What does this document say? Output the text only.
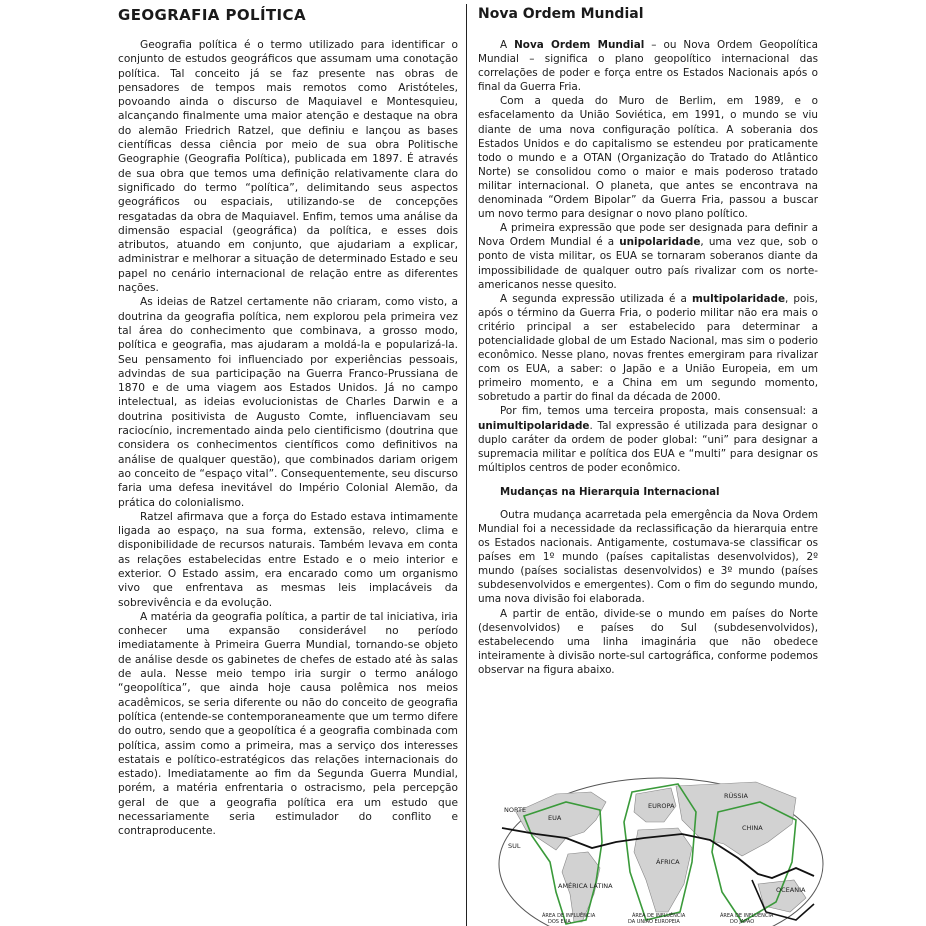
GEOGRAFIA POLÍTICA

Geografia política é o termo utilizado para identificar o conjunto de estudos geográficos que assumam uma conotação política. Tal conceito já se faz presente nas obras de pensadores de tempos mais remotos como Aristóteles, povoando ainda o discurso de Maquiavel e Montesquieu, alcançando finalmente uma maior atenção e destaque na obra do alemão Friedrich Ratzel, que definiu e lançou as bases científicas dessa ciência por meio de sua obra Politische Geographie (Geografia Política), publicada em 1897. É através de sua obra que temos uma definição relativamente clara do significado do termo “política”, delimitando seus aspectos geográficos ou espaciais, utilizando-se de concepções resgatadas da obra de Maquiavel. Enfim, temos uma análise da dimensão espacial (geográfica) da política, e esses dois atributos, atuando em conjunto, que ajudariam a explicar, administrar e melhorar a situação de determinado Estado e seu papel no cenário internacional de relação entre as diferentes nações.

As ideias de Ratzel certamente não criaram, como visto, a doutrina da geografia política, nem explorou pela primeira vez tal área do conhecimento que combinava, a grosso modo, política e geografia, mas ajudaram a moldá-la e popularizá-la. Seu pensamento foi influenciado por experiências pessoais, advindas de sua participação na Guerra Franco-Prussiana de 1870 e de uma viagem aos Estados Unidos. Já no campo intelectual, as ideias evolucionistas de Charles Darwin e a doutrina positivista de Augusto Comte, influenciavam seu raciocínio, incrementado ainda pelo cientificismo (doutrina que considera os conhecimentos científicos como definitivos na análise de qualquer questão), que combinados dariam origem ao conceito de “espaço vital”. Consequentemente, seu discurso faria uma defesa inevitável do Império Colonial Alemão, da prática do colonialismo.

Ratzel afirmava que a força do Estado estava intimamente ligada ao espaço, na sua forma, extensão, relevo, clima e disponibilidade de recursos naturais. Também levava em conta as relações estabelecidas entre Estado e o meio interior e exterior. O Estado assim, era encarado como um organismo vivo que enfrentava as mesmas leis implacáveis da sobrevivência e da evolução.

A matéria da geografia política, a partir de tal iniciativa, iria conhecer uma expansão considerável no período imediatamente à Primeira Guerra Mundial, tornando-se objeto de análise desde os gabinetes de chefes de estado até às salas de aula. Nesse meio tempo iria surgir o termo análogo “geopolítica”, que ainda hoje causa polêmica nos meios acadêmicos, se seria diferente ou não do conceito de geografia política (entende-se contemporaneamente que um termo difere do outro, sendo que a geopolítica é a geografia combinada com política, assim como a primeira, mas a serviço dos interesses estatais e político-estratégicos das relações internacionais do estado). Imediatamente ao fim da Segunda Guerra Mundial, porém, a matéria enfrentaria o ostracismo, pela percepção geral de que a geografia política era um estudo que necessariamente seria estimulador do conflito e contraproducente.

Nova Ordem Mundial

A Nova Ordem Mundial – ou Nova Ordem Geopolítica Mundial – significa o plano geopolítico internacional das correlações de poder e força entre os Estados Nacionais após o final da Guerra Fria.

Com a queda do Muro de Berlim, em 1989, e o esfacelamento da União Soviética, em 1991, o mundo se viu diante de uma nova configuração política. A soberania dos Estados Unidos e do capitalismo se estendeu por praticamente todo o mundo e a OTAN (Organização do Tratado do Atlântico Norte) se consolidou como o maior e mais poderoso tratado militar internacional. O planeta, que antes se encontrava na denominada “Ordem Bipolar” da Guerra Fria, passou a buscar um novo termo para designar o novo plano político.

A primeira expressão que pode ser designada para definir a Nova Ordem Mundial é a unipolaridade, uma vez que, sob o ponto de vista militar, os EUA se tornaram soberanos diante da impossibilidade de qualquer outro país rivalizar com os norte-americanos nesse quesito.

A segunda expressão utilizada é a multipolaridade, pois, após o término da Guerra Fria, o poderio militar não era mais o critério principal a ser estabelecido para determinar a potencialidade global de um Estado Nacional, mas sim o poderio econômico. Nesse plano, novas frentes emergiram para rivalizar com os EUA, a saber: o Japão e a União Europeia, em um primeiro momento, e a China em um segundo momento, sobretudo a partir do final da década de 2000.

Por fim, temos uma terceira proposta, mais consensual: a unimultipolaridade. Tal expressão é utilizada para designar o duplo caráter da ordem de poder global: “uni” para designar a supremacia militar e política dos EUA e “multi” para designar os múltiplos centros de poder econômico.

Mudanças na Hierarquia Internacional

Outra mudança acarretada pela emergência da Nova Ordem Mundial foi a necessidade da reclassificação da hierarquia entre os Estados nacionais. Antigamente, costumava-se classificar os países em 1º mundo (países capitalistas desenvolvidos), 2º mundo (países socialistas desenvolvidos) e 3º mundo (países subdesenvolvidos e emergentes). Com o fim do segundo mundo, uma nova divisão foi elaborada.

A partir de então, divide-se o mundo em países do Norte (desenvolvidos) e países do Sul (subdesenvolvidos), estabelecendo uma linha imaginária que não obedece inteiramente à divisão norte-sul cartográfica, conforme podemos observar na figura abaixo.

NORTE
SUL
EUA
EUROPA
RÚSSIA
CHINA
ÁFRICA
AMÉRICA LATINA	OCEANIA
ÁREA DE INFLUÊNCIA
DOS EUA
ÁREA DE INFLUÊNCIA
DA UNIÃO EUROPEIA
ÁREA DE INFLUÊNCIA
DO JAPÃO
